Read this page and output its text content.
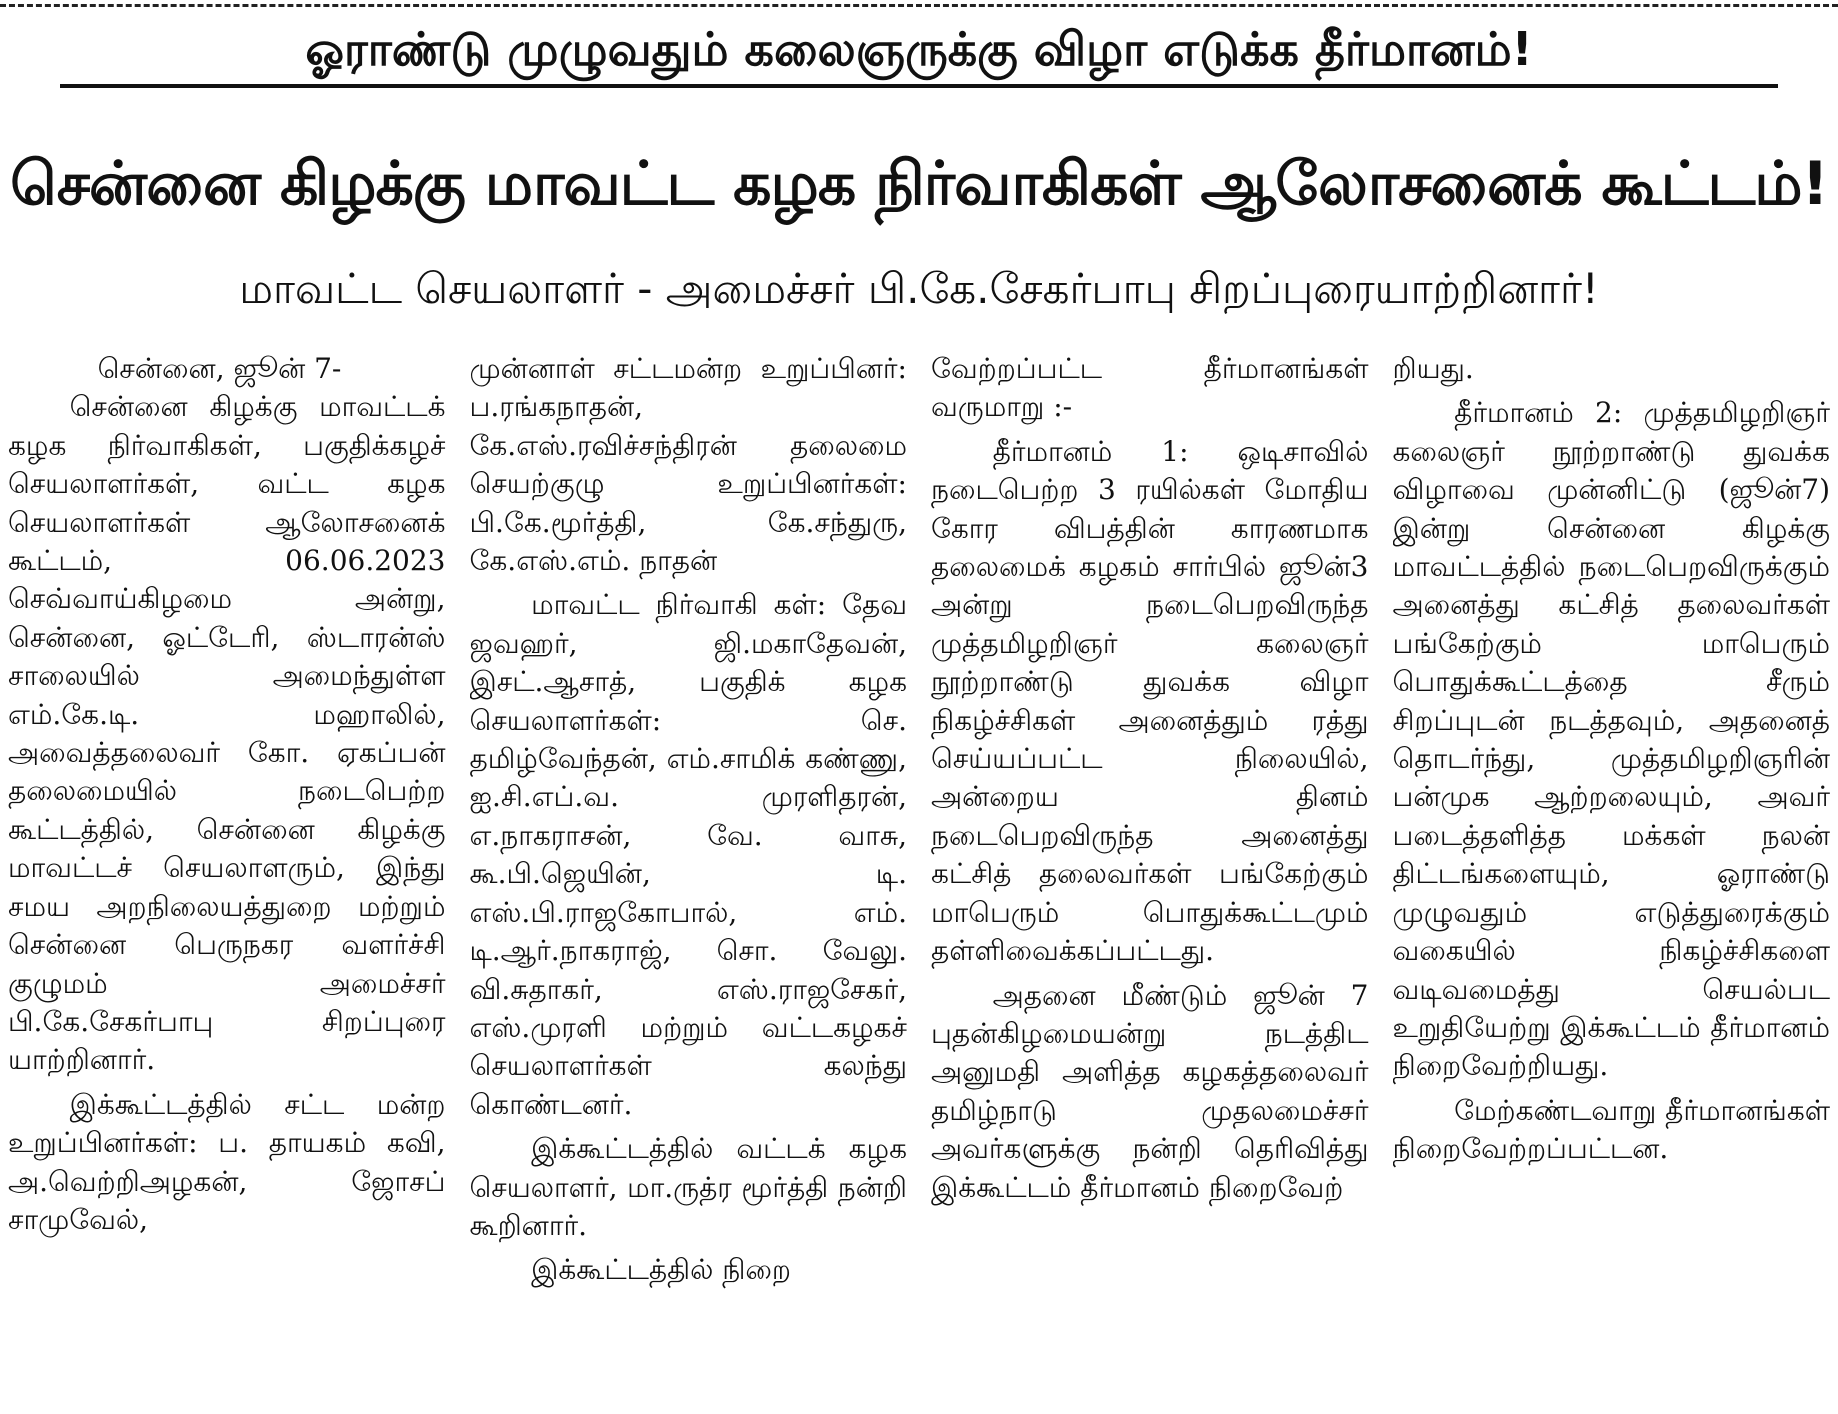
ஓராண்டு முழுவதும் கலைஞருக்கு விழா எடுக்க தீர்மானம்!
சென்னை கிழக்கு மாவட்ட கழக நிர்வாகிகள் ஆலோசனைக் கூட்டம்!
மாவட்ட செயலாளர் - அமைச்சர் பி.கே.சேகர்பாபு சிறப்புரையாற்றினார்!

சென்னை, ஜூன் 7-

சென்னை கிழக்கு மாவட்டக் கழக நிர்வாகிகள், பகுதிக்கழச் செயலாளர்கள், வட்ட கழக செயலாளர்கள் ஆலோசனைக் கூட்டம், 06.06.2023 செவ்வாய்கிழமை அன்று, சென்னை, ஓட்டேரி, ஸ்டாரன்ஸ் சாலையில் அமைந்துள்ள எம்.கே.டி. மஹாலில், அவைத்தலைவர் கோ. ஏகப்பன் தலைமையில் நடைபெற்ற கூட்டத்தில், சென்னை கிழக்கு மாவட்டச் செயலாளரும், இந்து சமய அறநிலையத்துறை மற்றும் சென்னை பெருநகர வளர்ச்சி குழுமம் அமைச்சர் பி.கே.சேகர்பாபு சிறப்புரை யாற்றினார்.

இக்கூட்டத்தில் சட்ட மன்ற உறுப்பினர்கள்: ப. தாயகம் கவி, அ.வெற்றிஅழகன், ஜோசப் சாமுவேல்,

முன்னாள் சட்டமன்ற உறுப்பினர்: ப.ரங்கநாதன், கே.எஸ்.ரவிச்சந்திரன் தலைமை செயற்குழு உறுப்பினர்கள்: பி.கே.மூர்த்தி, கே.சந்துரு, கே.எஸ்.எம். நாதன்

மாவட்ட நிர்வாகி கள்: தேவ ஜவஹர், ஜி.மகாதேவன், இசட்.ஆசாத், பகுதிக் கழக செயலாளர்கள்: செ. தமிழ்வேந்தன், எம்.சாமிக் கண்ணு, ஐ.சி.எப்.வ. முரளிதரன், எ.நாகராசன், வே. வாசு, கூ.பி.ஜெயின், டி. எஸ்.பி.ராஜகோபால், எம். டி.ஆர்.நாகராஜ், சொ. வேலு. வி.சுதாகர், எஸ்.ராஜசேகர், எஸ்.முரளி மற்றும் வட்டகழகச் செயலாளர்கள் கலந்து கொண்டனர்.

இக்கூட்டத்தில் வட்டக் கழக செயலாளர், மா.ருத்ர மூர்த்தி நன்றி கூறினார்.

இக்கூட்டத்தில் நிறை

வேற்றப்பட்ட தீர்மானங்கள் வருமாறு :-

தீர்மானம் 1: ஒடிசாவில் நடைபெற்ற 3 ரயில்கள் மோதிய கோர விபத்தின் காரணமாக தலைமைக் கழகம் சார்பில் ஜூன்3 அன்று நடைபெறவிருந்த முத்தமிழறிஞர் கலைஞர் நூற்றாண்டு துவக்க விழா நிகழ்ச்சிகள் அனைத்தும் ரத்து செய்யப்பட்ட நிலையில், அன்றைய தினம் நடைபெறவிருந்த அனைத்து கட்சித் தலைவர்கள் பங்கேற்கும் மாபெரும் பொதுக்கூட்டமும் தள்ளிவைக்கப்பட்டது.

அதனை மீண்டும் ஜூன் 7 புதன்கிழமையன்று நடத்திட அனுமதி அளித்த கழகத்தலைவர் தமிழ்நாடு முதலமைச்சர் அவர்களுக்கு நன்றி தெரிவித்து இக்கூட்டம் தீர்மானம் நிறைவேற்

றியது.

தீர்மானம் 2: முத்தமிழறிஞர் கலைஞர் நூற்றாண்டு துவக்க விழாவை முன்னிட்டு (ஜூன்7) இன்று சென்னை கிழக்கு மாவட்டத்தில் நடைபெறவிருக்கும் அனைத்து கட்சித் தலைவர்கள் பங்கேற்கும் மாபெரும் பொதுக்கூட்டத்தை சீரும் சிறப்புடன் நடத்தவும், அதனைத் தொடர்ந்து, முத்தமிழறிஞரின் பன்முக ஆற்றலையும், அவர் படைத்தளித்த மக்கள் நலன் திட்டங்களையும், ஓராண்டு முழுவதும் எடுத்துரைக்கும் வகையில் நிகழ்ச்சிகளை வடிவமைத்து செயல்பட உறுதியேற்று இக்கூட்டம் தீர்மானம் நிறைவேற்றியது.

மேற்கண்டவாறு தீர்மானங்கள் நிறைவேற்றப்பட்டன.
